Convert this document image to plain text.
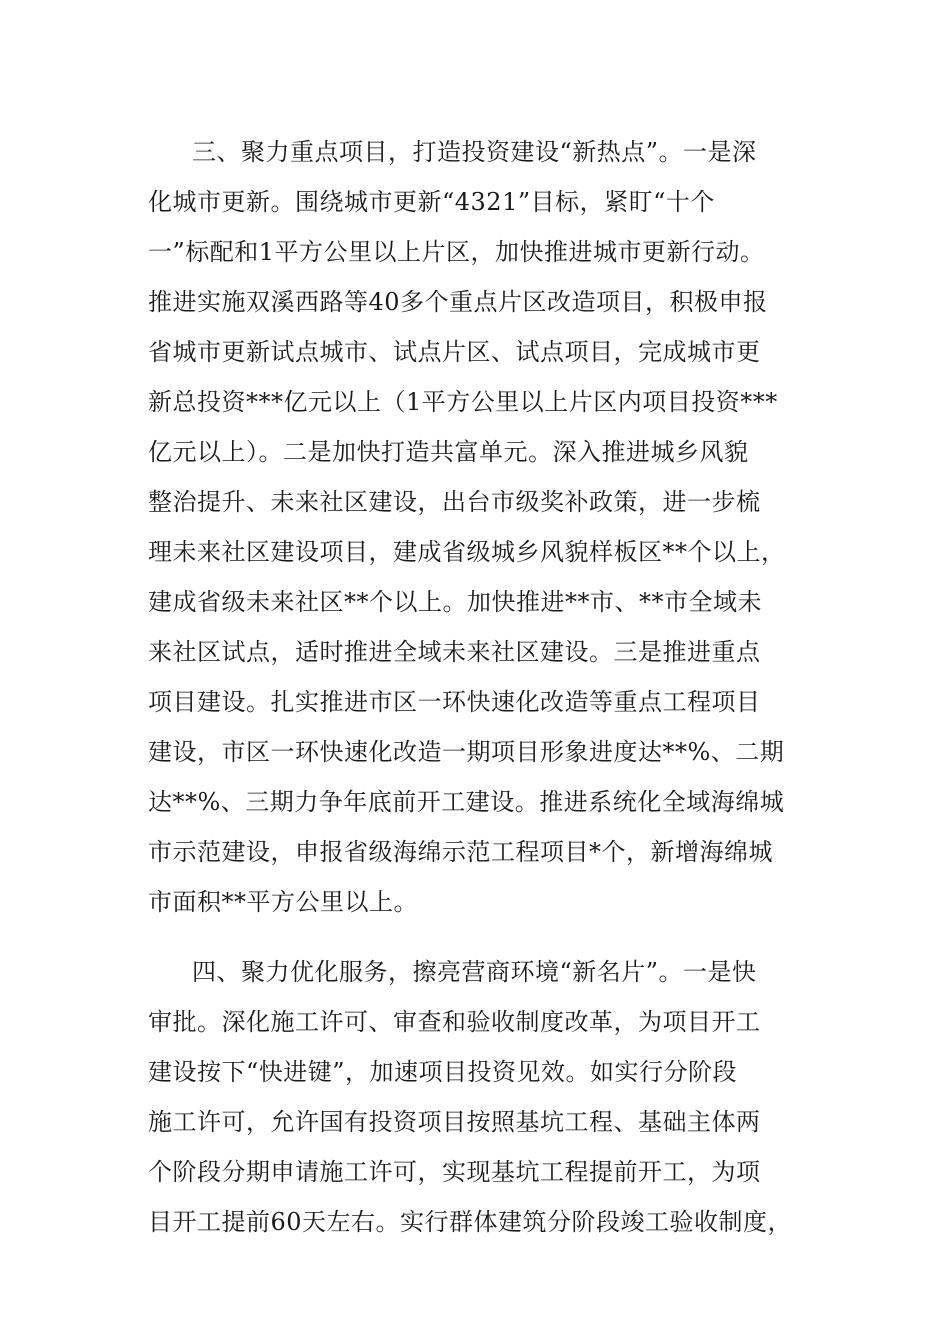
三、聚力重点项目，打造投资建设“新热点”。一是深
化城市更新。围绕城市更新“4321”目标，紧盯“十个
一”标配和1平方公里以上片区，加快推进城市更新行动。
推进实施双溪西路等40多个重点片区改造项目，积极申报
省城市更新试点城市、试点片区、试点项目，完成城市更
新总投资***亿元以上（1平方公里以上片区内项目投资***
亿元以上）。二是加快打造共富单元。深入推进城乡风貌
整治提升、未来社区建设，出台市级奖补政策，进一步梳
理未来社区建设项目，建成省级城乡风貌样板区**个以上，
建成省级未来社区**个以上。加快推进**市、**市全域未
来社区试点，适时推进全域未来社区建设。三是推进重点
项目建设。扎实推进市区一环快速化改造等重点工程项目
建设，市区一环快速化改造一期项目形象进度达**%、二期
达**%、三期力争年底前开工建设。推进系统化全域海绵城
市示范建设，申报省级海绵示范工程项目*个，新增海绵城
市面积**平方公里以上。
四、聚力优化服务，擦亮营商环境“新名片”。一是快
审批。深化施工许可、审查和验收制度改革，为项目开工
建设按下“快进键”，加速项目投资见效。如实行分阶段
施工许可，允许国有投资项目按照基坑工程、基础主体两
个阶段分期申请施工许可，实现基坑工程提前开工，为项
目开工提前60天左右。实行群体建筑分阶段竣工验收制度，
